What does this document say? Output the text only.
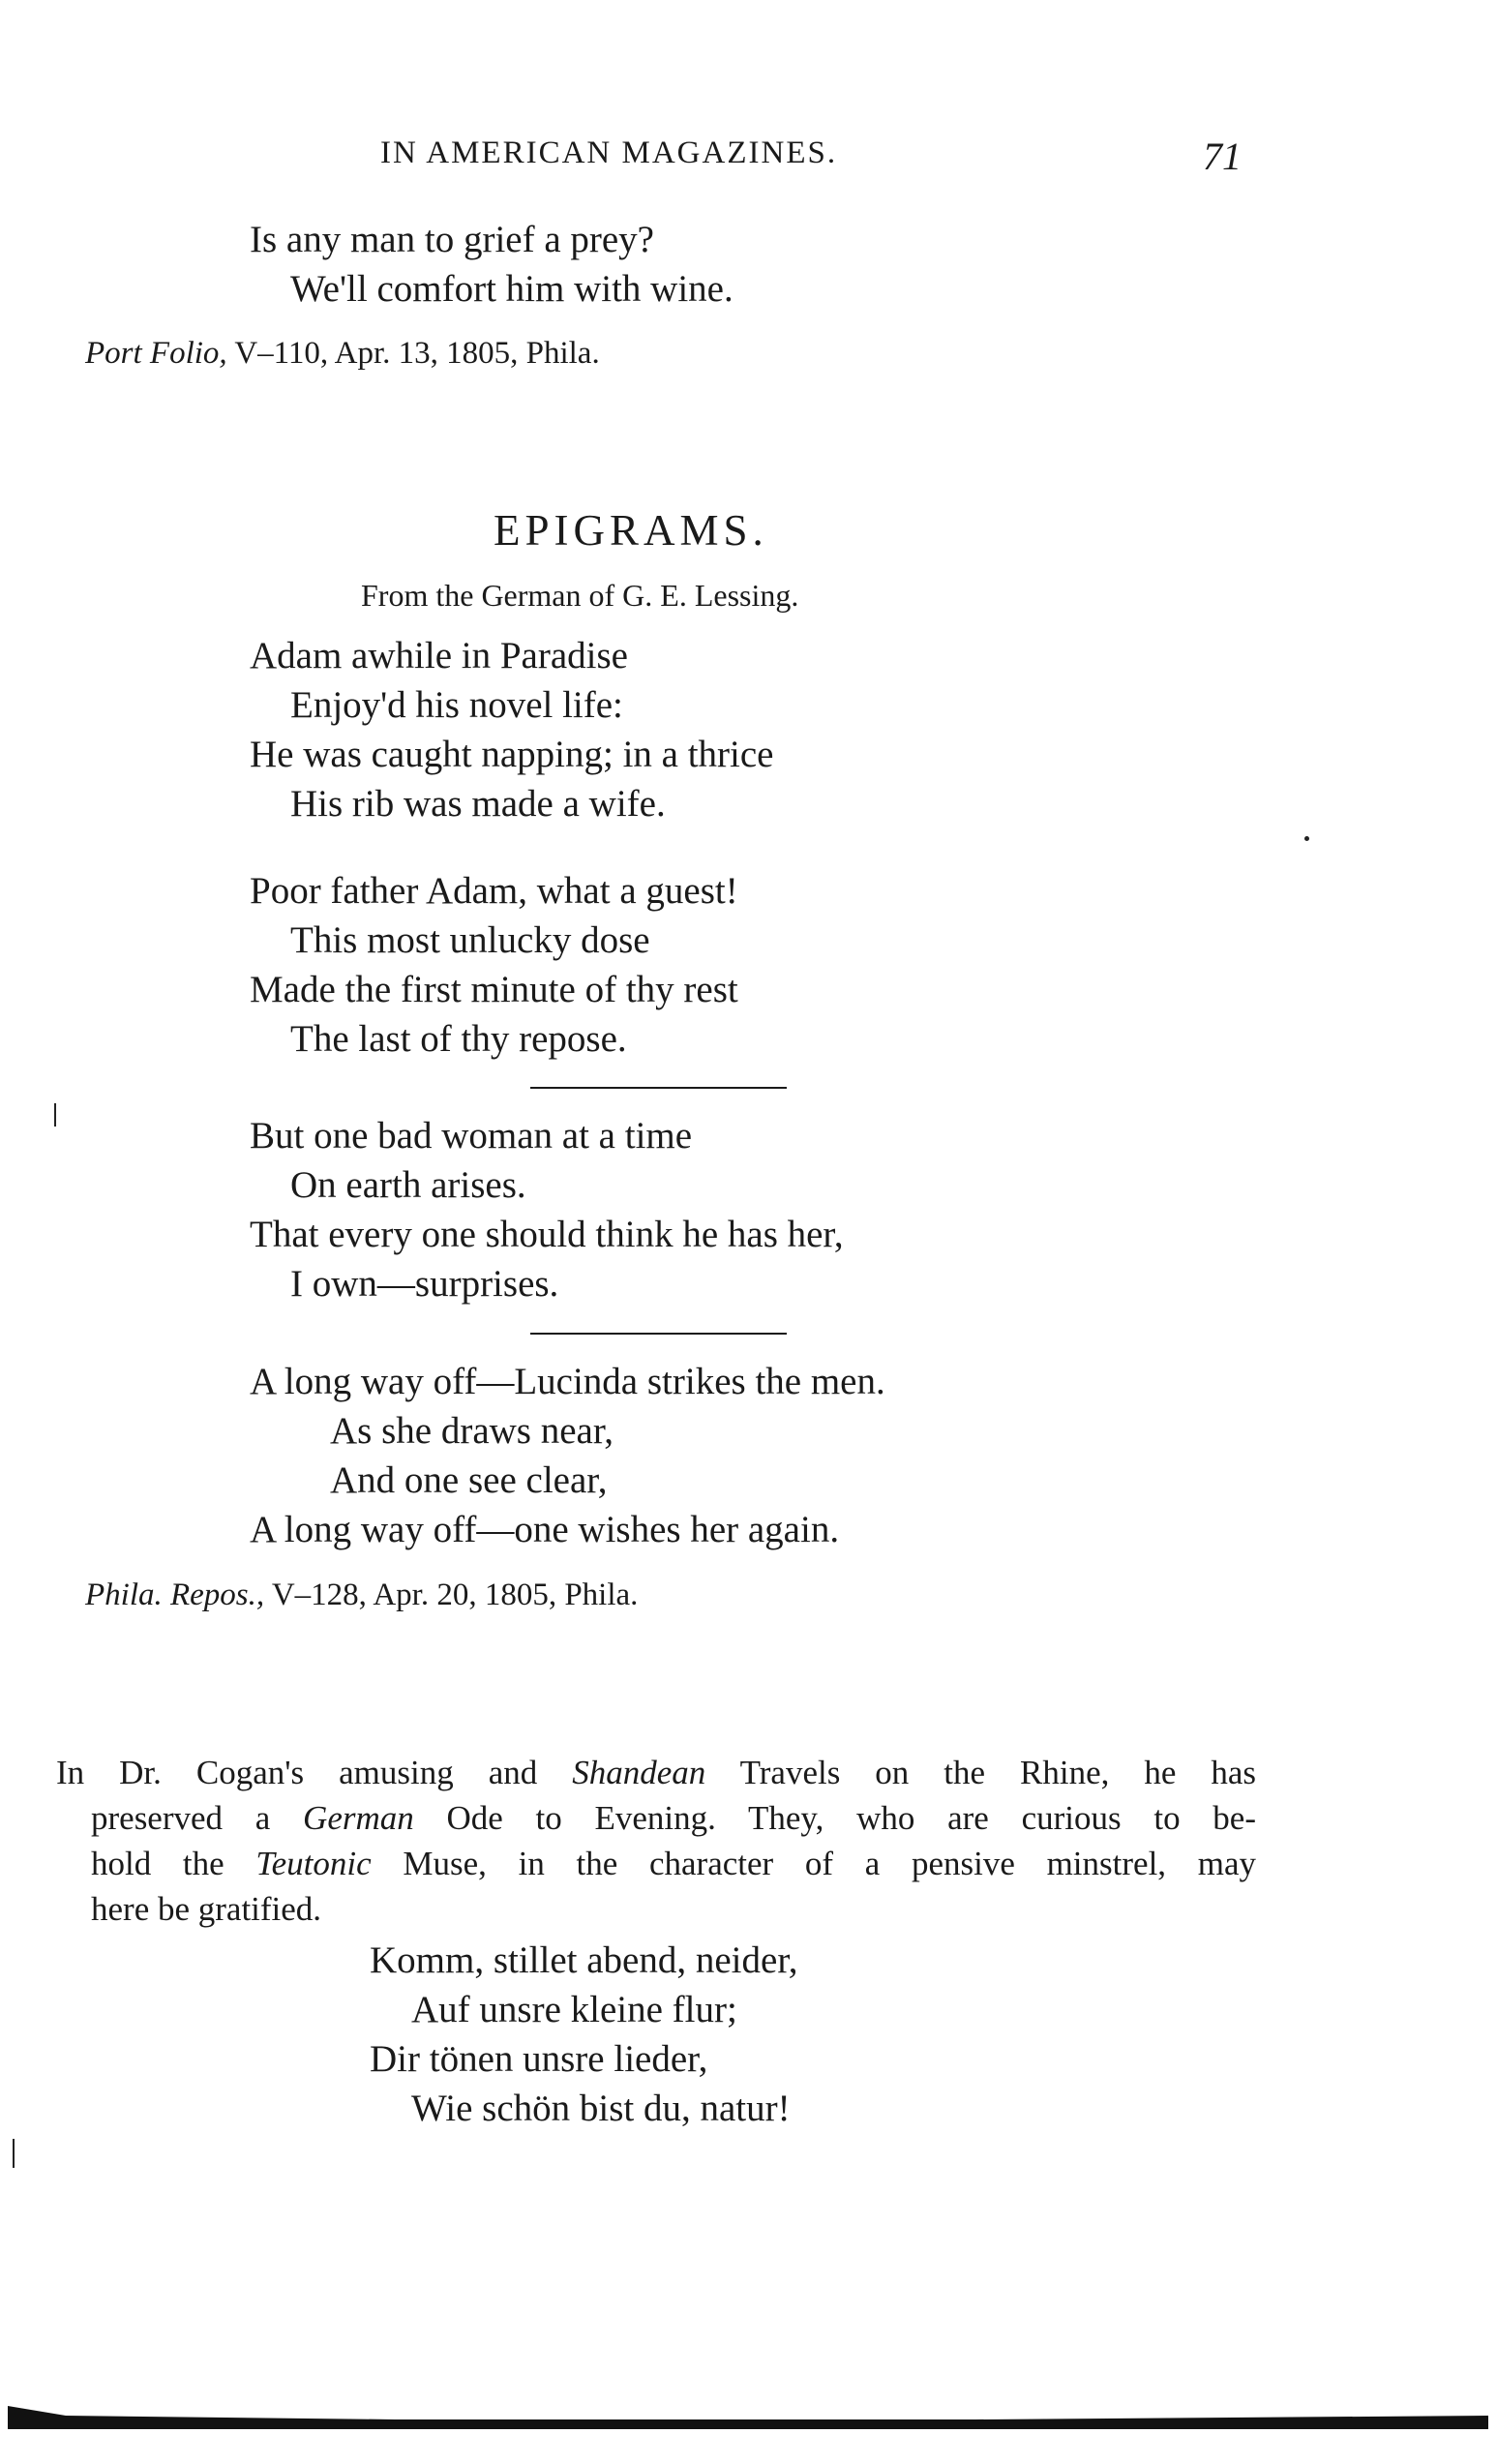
IN AMERICAN MAGAZINES.	71
Is any man to grief a prey?
We'll comfort him with wine.
Port Folio, V–110, Apr. 13, 1805, Phila.
EPIGRAMS.
From the German of G. E. Lessing.
Adam awhile in Paradise
Enjoy'd his novel life:
He was caught napping; in a thrice
His rib was made a wife.
Poor father Adam, what a guest!
This most unlucky dose
Made the first minute of thy rest
The last of thy repose.
But one bad woman at a time
On earth arises.
That every one should think he has her,
I own—surprises.
A long way off—Lucinda strikes the men.
As she draws near,
And one see clear,
A long way off—one wishes her again.
Phila. Repos., V–128, Apr. 20, 1805, Phila.
In Dr. Cogan's amusing and Shandean Travels on the Rhine, he has
preserved a German Ode to Evening. They, who are curious to be-
hold the Teutonic Muse, in the character of a pensive minstrel, may
here be gratified.
Komm, stillet abend, neider,
Auf unsre kleine flur;
Dir tönen unsre lieder,
Wie schön bist du, natur!
